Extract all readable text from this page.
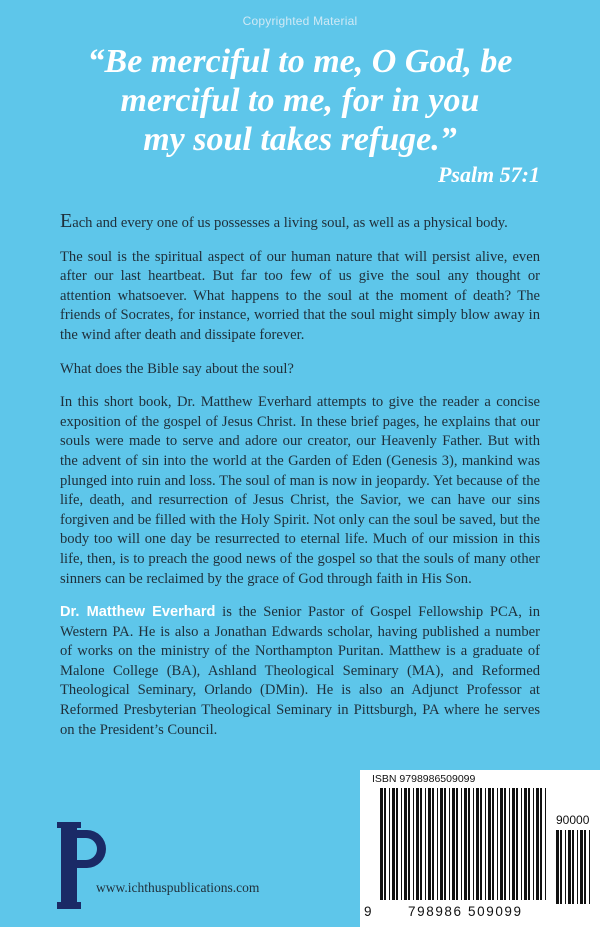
Copyrighted Material
“Be merciful to me, O God, be
merciful to me, for in you
my soul takes refuge.”
Psalm 57:1

Each and every one of us possesses a living soul, as well as a physical body.

The soul is the spiritual aspect of our human nature that will persist alive, even after our last heartbeat. But far too few of us give the soul any thought or attention whatsoever. What happens to the soul at the moment of death? The friends of Socrates, for instance, worried that the soul might simply blow away in the wind after death and dissipate forever.

What does the Bible say about the soul?

In this short book, Dr. Matthew Everhard attempts to give the reader a concise exposition of the gospel of Jesus Christ. In these brief pages, he explains that our souls were made to serve and adore our creator, our Heavenly Father. But with the advent of sin into the world at the Garden of Eden (Genesis 3), mankind was plunged into ruin and loss. The soul of man is now in jeopardy. Yet because of the life, death, and resurrection of Jesus Christ, the Savior, we can have our sins forgiven and be filled with the Holy Spirit. Not only can the soul be saved, but the body too will one day be resurrected to eternal life. Much of our mission in this life, then, is to preach the good news of the gospel so that the souls of many other sinners can be reclaimed by the grace of God through faith in His Son.

Dr. Matthew Everhard is the Senior Pastor of Gospel Fellowship PCA, in Western PA. He is also a Jonathan Edwards scholar, having published a number of works on the ministry of the Northampton Puritan. Matthew is a graduate of Malone College (BA), Ashland Theological Seminary (MA), and Reformed Theological Seminary, Orlando (DMin). He is also an Adjunct Professor at Reformed Presbyterian Theological Seminary in Pittsburgh, PA where he serves on the President’s Council.

www.ichthuspublications.com
ISBN 9798986509099
90000
9	798986 509099
